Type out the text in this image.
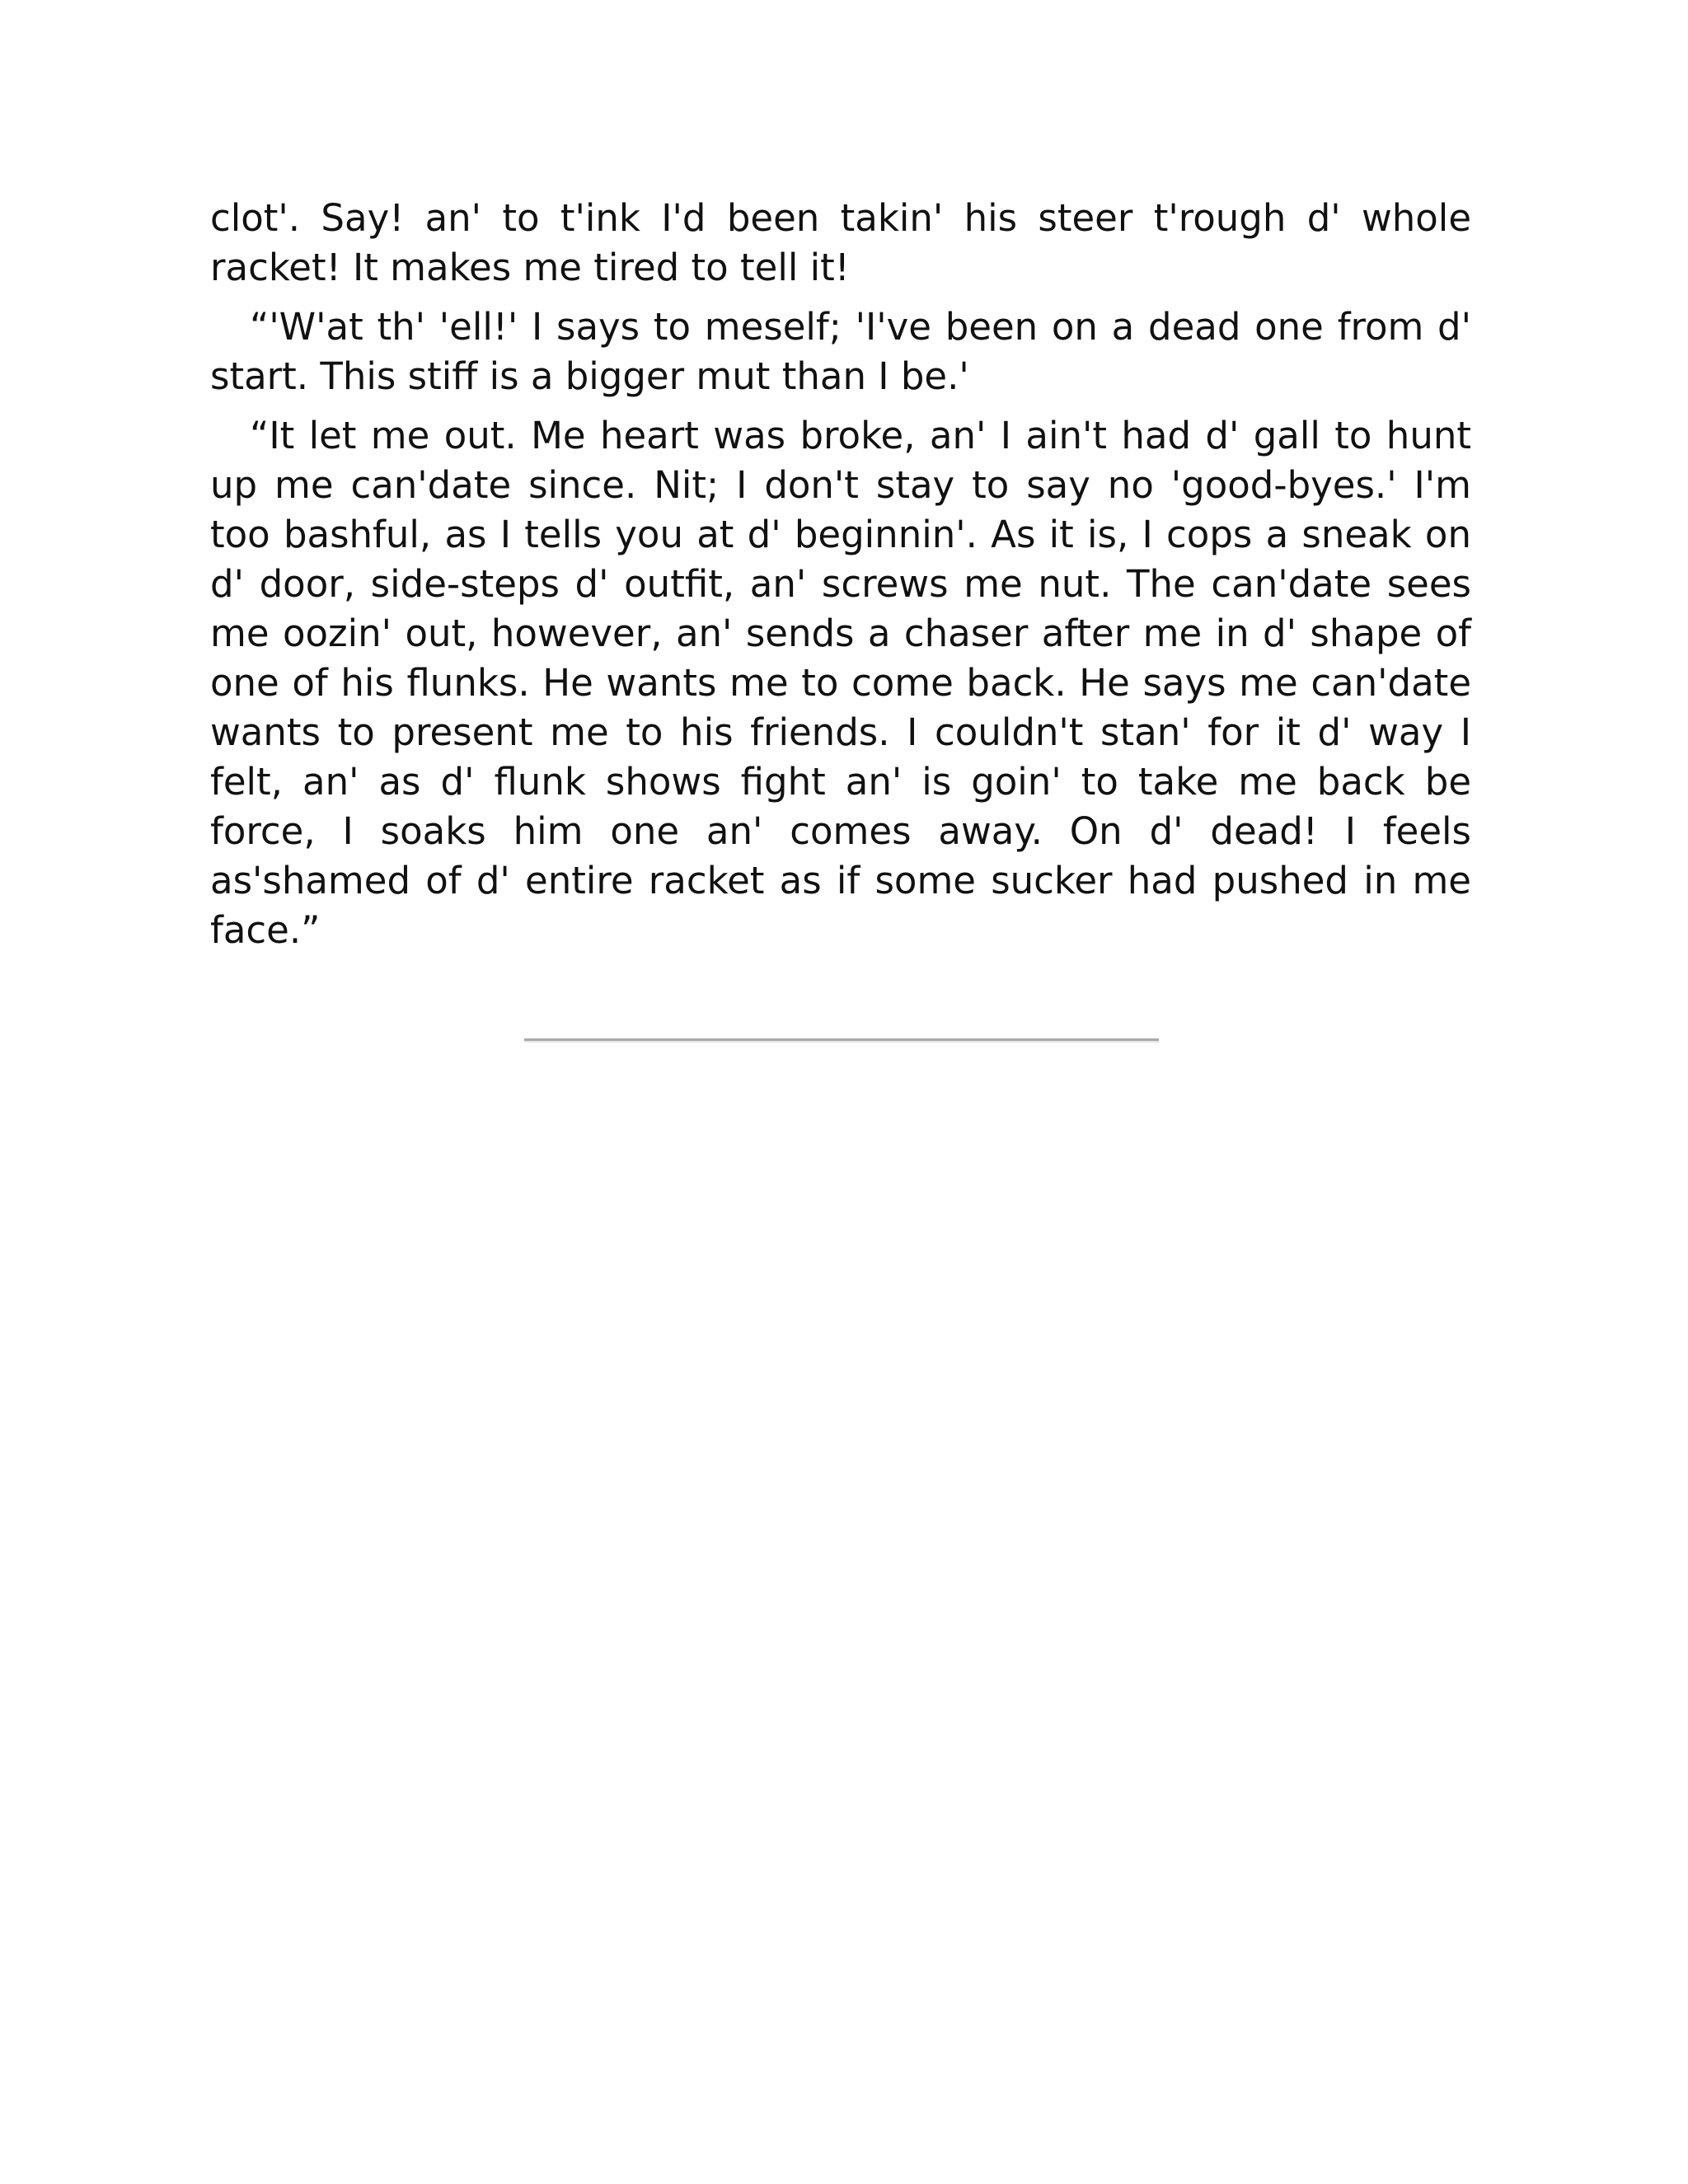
clot'. Say! an' to t'ink I'd been takin' his steer t'rough d' whole racket! It makes me tired to tell it!

“'W'at th' 'ell!' I says to meself; 'I've been on a dead one from d' start. This stiff is a bigger mut than I be.'

“It let me out. Me heart was broke, an' I ain't had d' gall to hunt up me can'date since. Nit; I don't stay to say no 'good-byes.' I'm too bashful, as I tells you at d' beginnin'. As it is, I cops a sneak on d' door, side-steps d' outfit, an' screws me nut. The can'date sees me oozin' out, however, an' sends a chaser after me in d' shape of one of his flunks. He wants me to come back. He says me can'date wants to present me to his friends. I couldn't stan' for it d' way I felt, an' as d' flunk shows fight an' is goin' to take me back be force, I soaks him one an' comes away. On d' dead! I feels as'shamed of d' entire racket as if some sucker had pushed in me face.”
